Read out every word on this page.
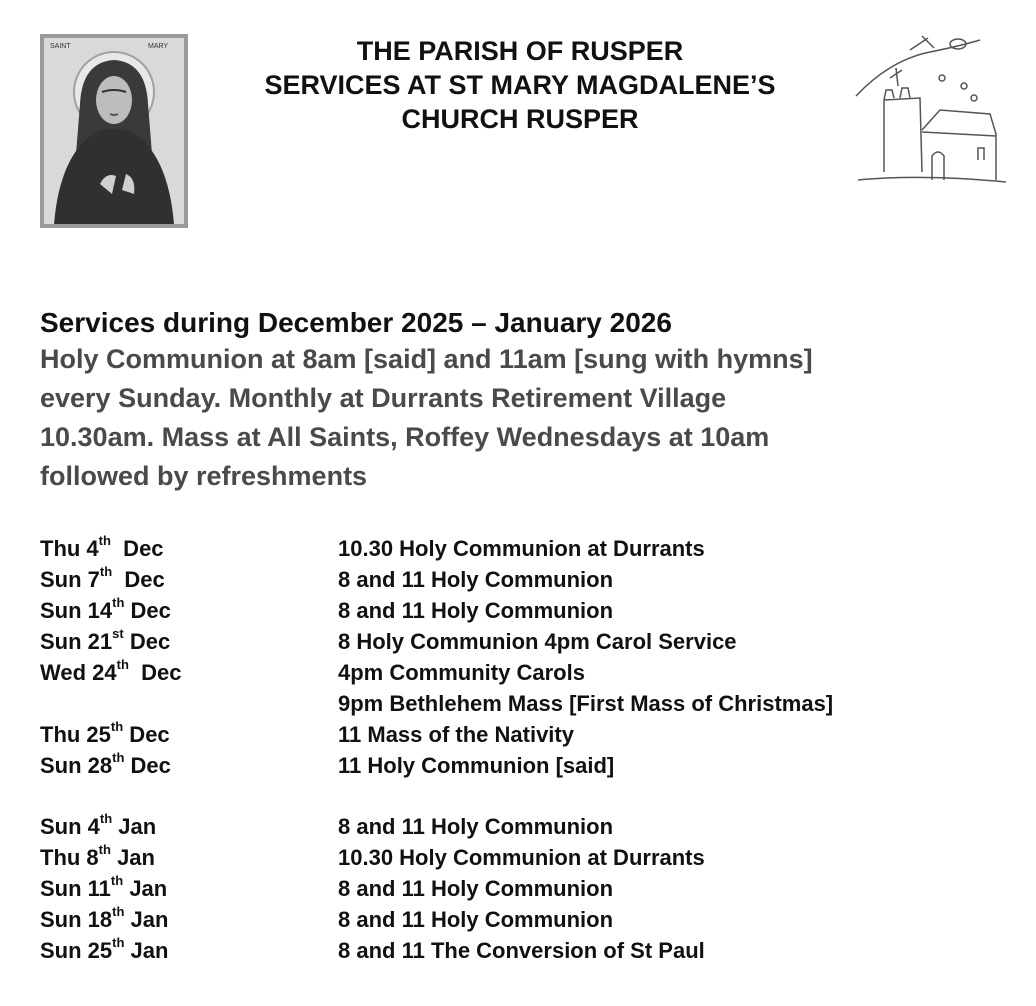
SAINT	MARY	THE PARISH OF RUSPER
SERVICES AT ST MARY MAGDALENE’S
CHURCH RUSPER
Services during December 2025 – January 2026
Holy Communion at 8am [said] and 11am [sung with hymns]
every Sunday. Monthly at Durrants Retirement Village
10.30am. Mass at All Saints, Roffey Wednesdays at 10am
followed by refreshments
Thu 4th  Dec	10.30 Holy Communion at Durrants
Sun 7th  Dec	8 and 11 Holy Communion
Sun 14th Dec	8 and 11 Holy Communion
Sun 21st Dec	8 Holy Communion 4pm Carol Service
Wed 24th  Dec	4pm Community Carols
9pm Bethlehem Mass [First Mass of Christmas]
Thu 25th Dec	11 Mass of the Nativity
Sun 28th Dec	11 Holy Communion [said]
Sun 4th Jan	8 and 11 Holy Communion
Thu 8th Jan	10.30 Holy Communion at Durrants
Sun 11th Jan	8 and 11 Holy Communion
Sun 18th Jan	8 and 11 Holy Communion
Sun 25th Jan	8 and 11 The Conversion of St Paul
